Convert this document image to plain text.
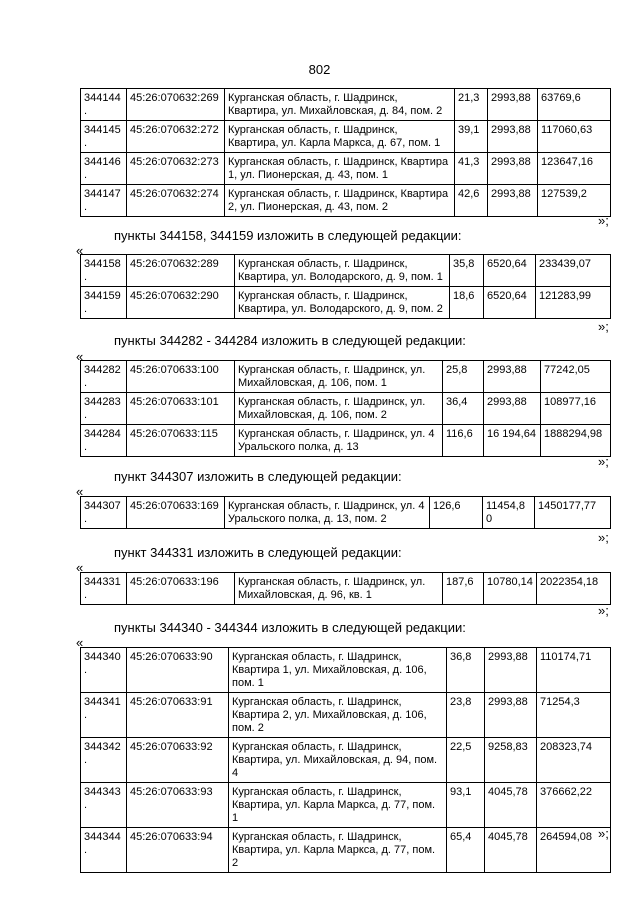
802
344144.	45:26:070632:269	Курганская область, г. Шадринск, Квартира, ул. Михайловская, д. 84, пом. 2	21,3	2993,88	63769,6
344145.	45:26:070632:272	Курганская область, г. Шадринск, Квартира, ул. Карла Маркса, д. 67, пом. 1	39,1	2993,88	117060,63
344146.	45:26:070632:273	Курганская область, г. Шадринск, Квартира 1, ул. Пионерская, д. 43, пом. 1	41,3	2993,88	123647,16
344147.	45:26:070632:274	Курганская область, г. Шадринск, Квартира 2, ул. Пионерская, д. 43, пом. 2	42,6	2993,88	127539,2
»;
пункты 344158, 344159 изложить в следующей редакции:
«
344158.	45:26:070632:289	Курганская область, г. Шадринск, Квартира, ул. Володарского, д. 9, пом. 1	35,8	6520,64	233439,07
344159.	45:26:070632:290	Курганская область, г. Шадринск, Квартира, ул. Володарского, д. 9, пом. 2	18,6	6520,64	121283,99
»;
пункты 344282 - 344284 изложить в следующей редакции:
«
344282.	45:26:070633:100	Курганская область, г. Шадринск, ул. Михайловская, д. 106, пом. 1	25,8	2993,88	77242,05
344283.	45:26:070633:101	Курганская область, г. Шадринск, ул. Михайловская, д. 106, пом. 2	36,4	2993,88	108977,16
344284.	45:26:070633:115	Курганская область, г. Шадринск, ул. 4 Уральского полка, д. 13	116,6	16 194,64	1888294,98
»;
пункт 344307 изложить в следующей редакции:
«
344307.	45:26:070633:169	Курганская область, г. Шадринск, ул. 4 Уральского полка, д. 13, пом. 2	126,6	11454,80	1450177,77
»;
пункт 344331 изложить в следующей редакции:
«
344331.	45:26:070633:196	Курганская область, г. Шадринск, ул. Михайловская, д. 96, кв. 1	187,6	10780,14	2022354,18
»;
пункты 344340 - 344344 изложить в следующей редакции:
«
344340.	45:26:070633:90	Курганская область, г. Шадринск, Квартира 1, ул. Михайловская, д. 106, пом. 1	36,8	2993,88	110174,71
344341.	45:26:070633:91	Курганская область, г. Шадринск, Квартира 2, ул. Михайловская, д. 106, пом. 2	23,8	2993,88	71254,3
344342.	45:26:070633:92	Курганская область, г. Шадринск, Квартира, ул. Михайловская, д. 94, пом. 4	22,5	9258,83	208323,74
344343.	45:26:070633:93	Курганская область, г. Шадринск, Квартира, ул. Карла Маркса, д. 77, пом. 1	93,1	4045,78	376662,22
344344.	45:26:070633:94	Курганская область, г. Шадринск, Квартира, ул. Карла Маркса, д. 77, пом. 2	65,4	4045,78	264594,08 »;
